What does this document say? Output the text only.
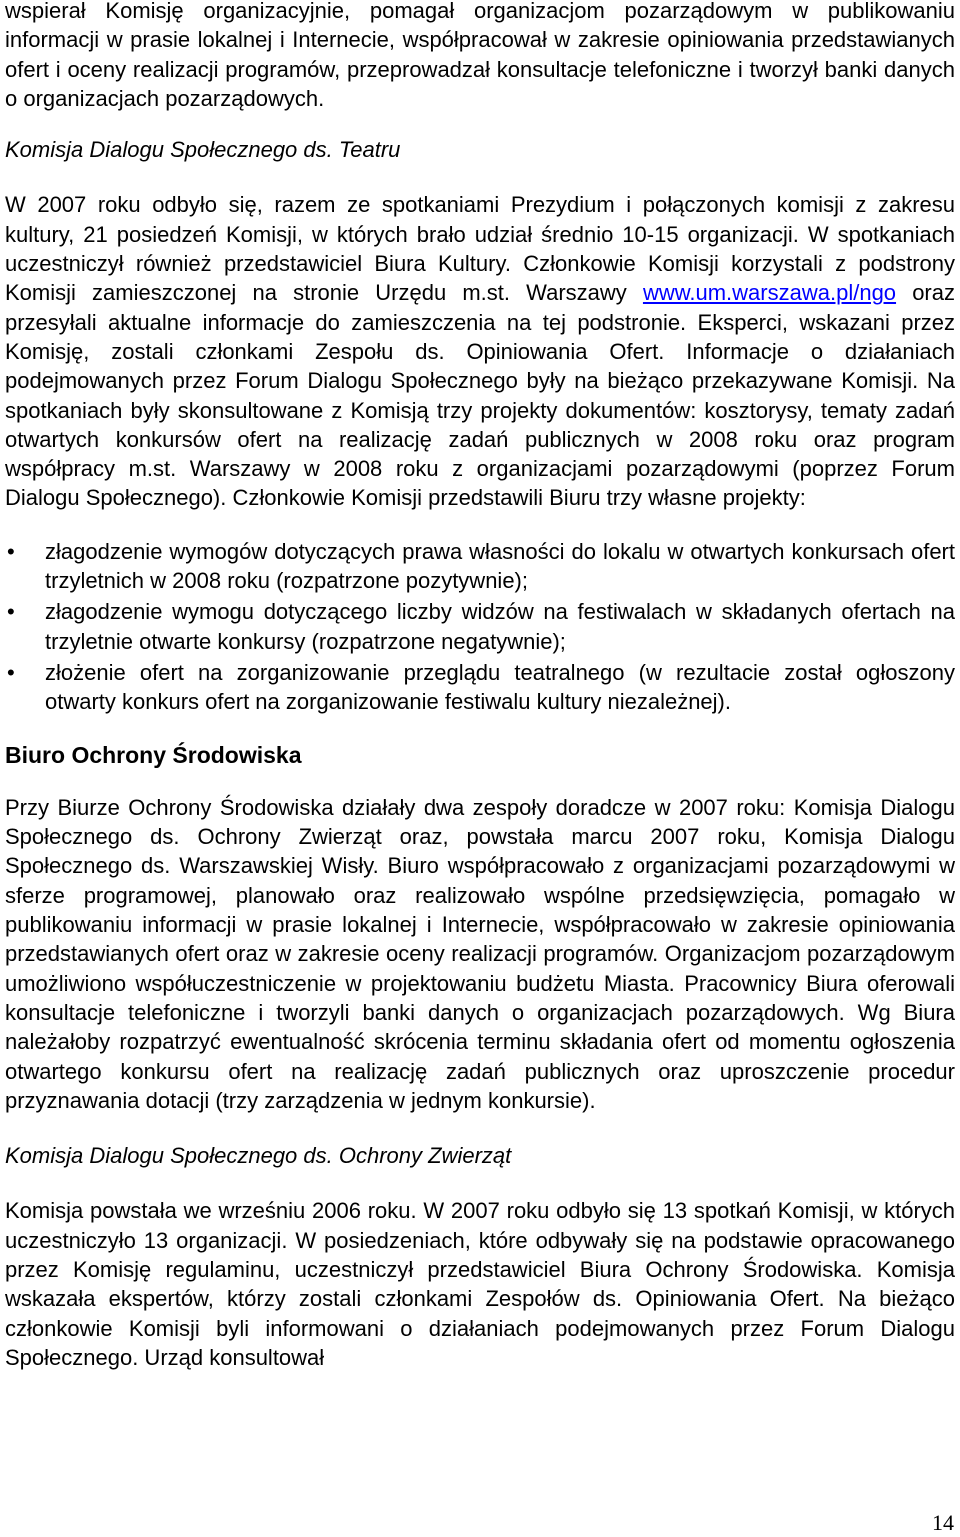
wspierał Komisję organizacyjnie, pomagał organizacjom pozarządowym w publikowaniu informacji w prasie lokalnej i Internecie, współpracował w zakresie opiniowania przedstawianych ofert i oceny realizacji programów, przeprowadzał konsultacje telefoniczne i tworzył banki danych o organizacjach pozarządowych.

Komisja Dialogu Społecznego ds. Teatru

W 2007 roku odbyło się, razem ze spotkaniami Prezydium i połączonych komisji z zakresu kultury, 21 posiedzeń Komisji, w których brało udział średnio 10-15 organizacji. W spotkaniach uczestniczył również przedstawiciel Biura Kultury. Członkowie Komisji korzystali z podstrony Komisji zamieszczonej na stronie Urzędu m.st. Warszawy www.um.warszawa.pl/ngo oraz przesyłali aktualne informacje do zamieszczenia na tej podstronie. Eksperci, wskazani przez Komisję, zostali członkami Zespołu ds. Opiniowania Ofert. Informacje o działaniach podejmowanych przez Forum Dialogu Społecznego były na bieżąco przekazywane Komisji. Na spotkaniach były skonsultowane z Komisją trzy projekty dokumentów: kosztorysy, tematy zadań otwartych konkursów ofert na realizację zadań publicznych w 2008 roku oraz program współpracy m.st. Warszawy w 2008 roku z organizacjami pozarządowymi (poprzez Forum Dialogu Społecznego). Członkowie Komisji przedstawili Biuru trzy własne projekty:

• złagodzenie wymogów dotyczących prawa własności do lokalu w otwartych konkursach ofert trzyletnich w 2008 roku (rozpatrzone pozytywnie);
• złagodzenie wymogu dotyczącego liczby widzów na festiwalach w składanych ofertach na trzyletnie otwarte konkursy (rozpatrzone negatywnie);
• złożenie ofert na zorganizowanie przeglądu teatralnego (w rezultacie został ogłoszony otwarty konkurs ofert na zorganizowanie festiwalu kultury niezależnej).

Biuro Ochrony Środowiska

Przy Biurze Ochrony Środowiska działały dwa zespoły doradcze w 2007 roku: Komisja Dialogu Społecznego ds. Ochrony Zwierząt oraz, powstała marcu 2007 roku, Komisja Dialogu Społecznego ds. Warszawskiej Wisły. Biuro współpracowało z organizacjami pozarządowymi w sferze programowej, planowało oraz realizowało wspólne przedsięwzięcia, pomagało w publikowaniu informacji w prasie lokalnej i Internecie, współpracowało w zakresie opiniowania przedstawianych ofert oraz w zakresie oceny realizacji programów. Organizacjom pozarządowym umożliwiono współuczestniczenie w projektowaniu budżetu Miasta. Pracownicy Biura oferowali konsultacje telefoniczne i tworzyli banki danych o organizacjach pozarządowych. Wg Biura należałoby rozpatrzyć ewentualność skrócenia terminu składania ofert od momentu ogłoszenia otwartego konkursu ofert na realizację zadań publicznych oraz uproszczenie procedur przyznawania dotacji (trzy zarządzenia w jednym konkursie).

Komisja Dialogu Społecznego ds. Ochrony Zwierząt

Komisja powstała we wrześniu 2006 roku. W 2007 roku odbyło się 13 spotkań Komisji, w których uczestniczyło 13 organizacji. W posiedzeniach, które odbywały się na podstawie opracowanego przez Komisję regulaminu, uczestniczył przedstawiciel Biura Ochrony Środowiska. Komisja wskazała ekspertów, którzy zostali członkami Zespołów ds. Opiniowania Ofert. Na bieżąco członkowie Komisji byli informowani o działaniach podejmowanych przez Forum Dialogu Społecznego. Urząd konsultował

14
